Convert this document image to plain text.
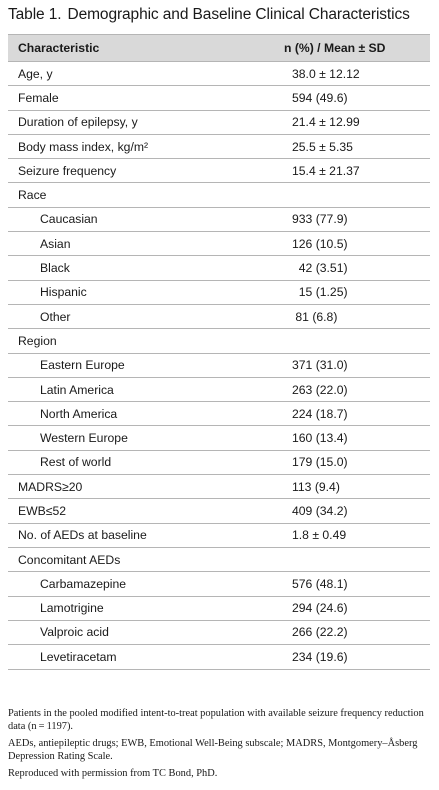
Table 1. Demographic and Baseline Clinical Characteristics
Characteristic	n (%) / Mean ± SD
Age, y	38.0 ± 12.12
Female	594 (49.6)
Duration of epilepsy, y	21.4 ± 12.99
Body mass index, kg/m²	25.5 ± 5.35
Seizure frequency	15.4 ± 21.37
Race
Caucasian	933 (77.9)
Asian	126 (10.5)
Black	42 (3.51)
Hispanic	15 (1.25)
Other	81 (6.8)
Region
Eastern Europe	371 (31.0)
Latin America	263 (22.0)
North America	224 (18.7)
Western Europe	160 (13.4)
Rest of world	179 (15.0)
MADRS≥20	113 (9.4)
EWB≤52	409 (34.2)
No. of AEDs at baseline	1.8 ± 0.49
Concomitant AEDs
Carbamazepine	576 (48.1)
Lamotrigine	294 (24.6)
Valproic acid	266 (22.2)
Levetiracetam	234 (19.6)

Patients in the pooled modified intent-to-treat population with available seizure frequency reduction data (n = 1197).

AEDs, antiepileptic drugs; EWB, Emotional Well-Being subscale; MADRS, Montgomery–Åsberg Depression Rating Scale.

Reproduced with permission from TC Bond, PhD.
